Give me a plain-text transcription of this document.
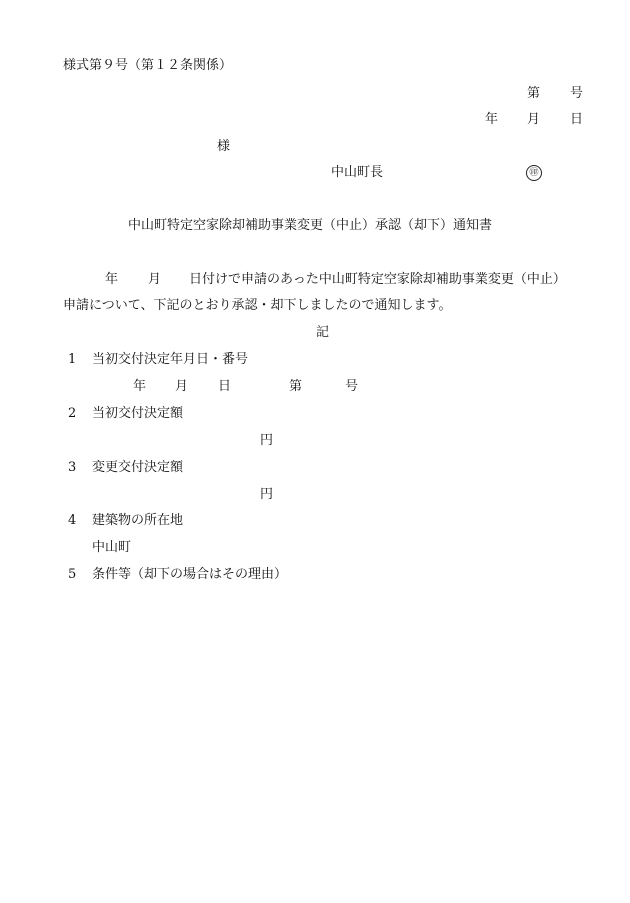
様式第９号（第１２条関係）
第 号
年 月 日
様
中山町長	㊞
中山町特定空家除却補助事業変更（中止）承認（却下）通知書
年 月 日付けで申請のあった中山町特定空家除却補助事業変更（中止）
申請について、下記のとおり承認・却下しましたので通知します。
記
1 当初交付決定年月日・番号
年 月 日	第	号
2 当初交付決定額
円
3 変更交付決定額
円
4 建築物の所在地
中山町
5 条件等（却下の場合はその理由）
